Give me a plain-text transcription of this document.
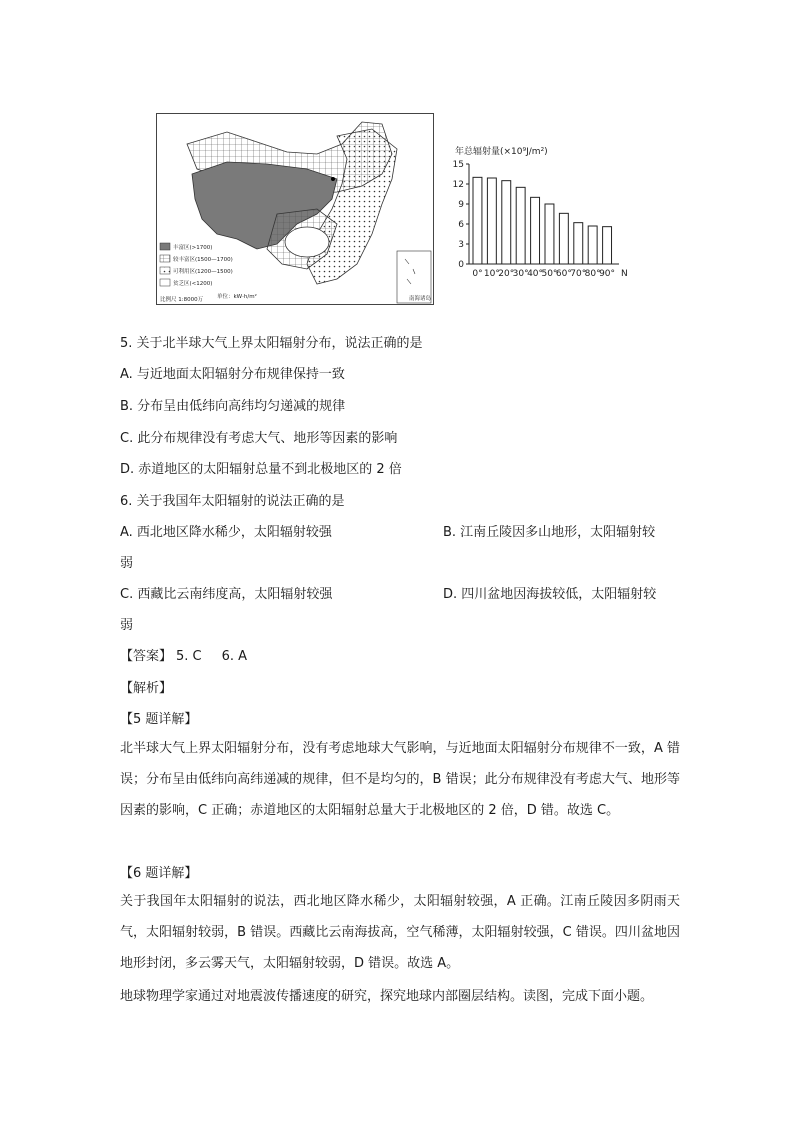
丰富区(>1700)
较丰富区(1500—1700)
可利用区(1200—1500)
贫乏区(<1200)
单位：kW·h/m²
比例尺 1:8000万	南海诸岛
年总辐射量(×10⁹J/m²)
0
3
6
9
12
15
0° 10°
20°
30°
40°
50°
60°
70°
80°
90° N
5. 关于北半球大气上界太阳辐射分布，说法正确的是
A. 与近地面太阳辐射分布规律保持一致
B. 分布呈由低纬向高纬均匀递减的规律
C. 此分布规律没有考虑大气、地形等因素的影响
D. 赤道地区的太阳辐射总量不到北极地区的 2 倍
6. 关于我国年太阳辐射的说法正确的是
A. 西北地区降水稀少，太阳辐射较强	B. 江南丘陵因多山地形，太阳辐射较
弱
C. 西藏比云南纬度高，太阳辐射较强	D. 四川盆地因海拔较低，太阳辐射较
弱
【答案】 5. C 6. A
【解析】
【5 题详解】
北半球大气上界太阳辐射分布，没有考虑地球大气影响，与近地面太阳辐射分布规律不一致，A 错误；分布呈由低纬向高纬递减的规律，但不是均匀的，B 错误；此分布规律没有考虑大气、地形等因素的影响，C 正确；赤道地区的太阳辐射总量大于北极地区的 2 倍，D 错。故选 C。
【6 题详解】
关于我国年太阳辐射的说法，西北地区降水稀少，太阳辐射较强，A 正确。江南丘陵因多阴雨天气，太阳辐射较弱，B 错误。西藏比云南海拔高，空气稀薄，太阳辐射较强，C 错误。四川盆地因地形封闭，多云雾天气，太阳辐射较弱，D 错误。故选 A。
地球物理学家通过对地震波传播速度的研究，探究地球内部圈层结构。读图，完成下面小题。
